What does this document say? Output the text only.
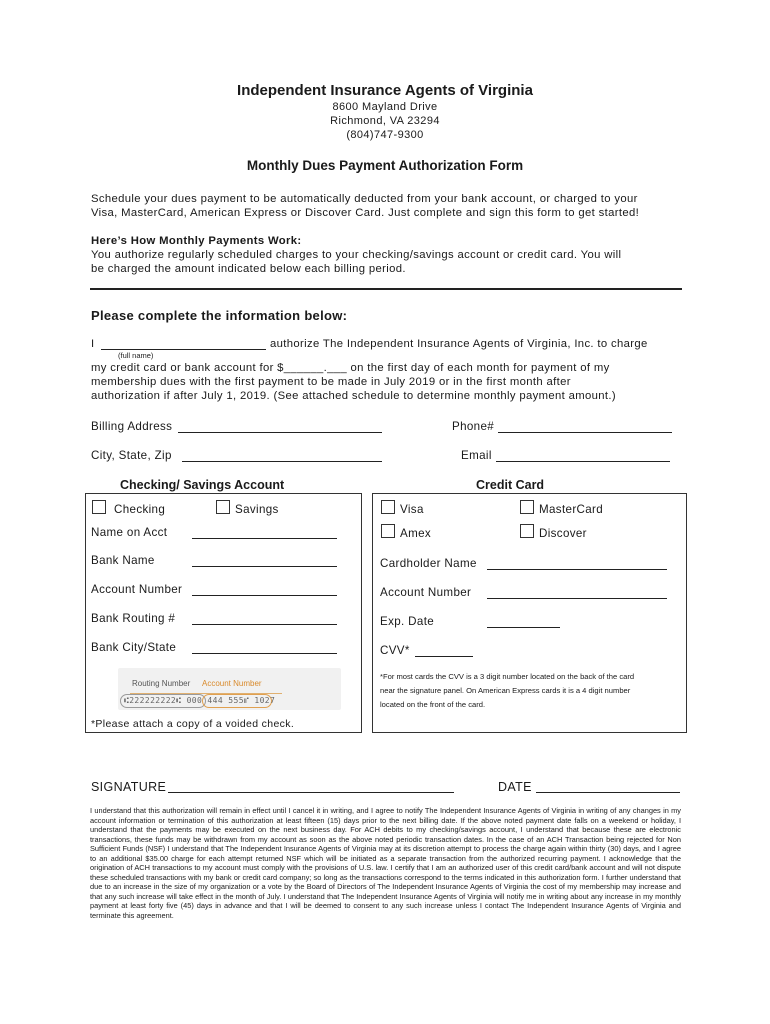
Independent Insurance Agents of Virginia
8600 Mayland Drive
Richmond, VA 23294
(804)747-9300
Monthly Dues Payment Authorization Form
Schedule your dues payment to be automatically deducted from your bank account, or charged to your
Visa, MasterCard, American Express or Discover Card. Just complete and sign this form to get started!
Here’s How Monthly Payments Work:
You authorize regularly scheduled charges to your checking/savings account or credit card. You will
be charged the amount indicated below each billing period.
Please complete the information below:
I	authorize The Independent Insurance Agents of Virginia, Inc. to charge
(full name)
my credit card or bank account for $______.___ on the first day of each month for payment of my
membership dues with the first payment to be made in July 2019 or in the first month after
authorization if after July 1, 2019. (See attached schedule to determine monthly payment amount.)
Billing Address	Phone#
City, State, Zip	Email
Checking/ Savings Account	Credit Card
Checking	Savings
Name on Acct
Bank Name
Account Number
Bank Routing #
Bank City/State
Routing Number Account Number
⑆222222222⑆ 000 444 555⑈ 1027
*Please attach a copy of a voided check.
Visa	MasterCard
Amex	Discover
Cardholder Name
Account Number
Exp. Date
CVV*
*For most cards the CVV is a 3 digit number located on the back of the card
near the signature panel. On American Express cards it is a 4 digit number
located on the front of the card.
SIGNATURE	DATE
I understand that this authorization will remain in effect until I cancel it in writing, and I agree to notify The Independent Insurance Agents of Virginia in writing of any changes in my account information or termination of this authorization at least fifteen (15) days prior to the next billing date. If the above noted payment date falls on a weekend or holiday, I understand that the payments may be executed on the next business day. For ACH debits to my checking/savings account, I understand that because these are electronic transactions, these funds may be withdrawn from my account as soon as the above noted periodic transaction dates. In the case of an ACH Transaction being rejected for Non Sufficient Funds (NSF) I understand that The Independent Insurance Agents of Virginia may at its discretion attempt to process the charge again within thirty (30) days, and I agree to an additional $35.00 charge for each attempt returned NSF which will be initiated as a separate transaction from the authorized recurring payment. I acknowledge that the origination of ACH transactions to my account must comply with the provisions of U.S. law. I certify that I am an authorized user of this credit card/bank account and will not dispute these scheduled transactions with my bank or credit card company; so long as the transactions correspond to the terms indicated in this authorization form. I further understand that due to an increase in the size of my organization or a vote by the Board of Directors of The Independent Insurance Agents of Virginia the cost of my membership may increase and that any such increase will take effect in the month of July. I understand that The Independent Insurance Agents of Virginia will notify me in writing about any increase in my monthly payment at least forty five (45) days in advance and that I will be deemed to consent to any such increase unless I contact The Independent Insurance Agents of Virginia and terminate this agreement.
